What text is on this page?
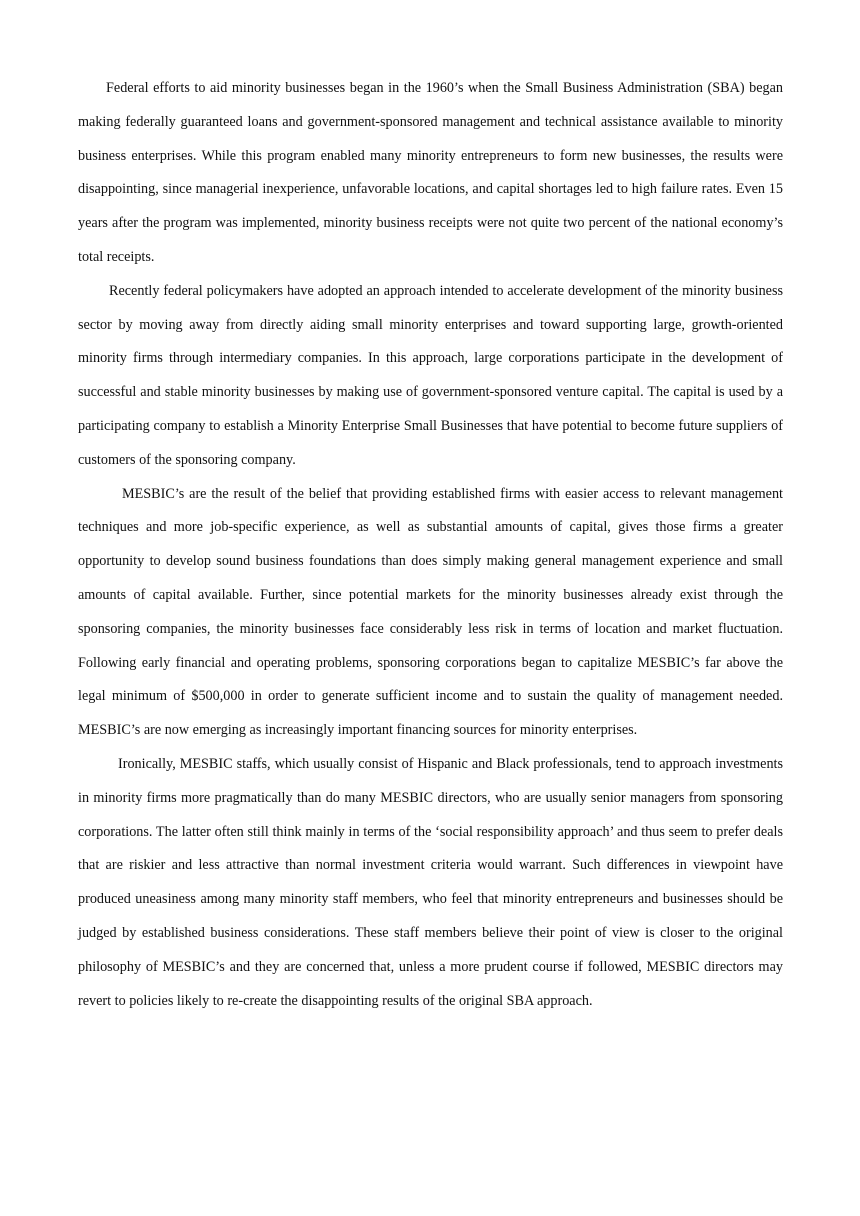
Federal efforts to aid minority businesses began in the 1960’s when the Small Business Administration (SBA) began making federally guaranteed loans and government-sponsored management and technical assistance available to minority business enterprises. While this program enabled many minority entrepreneurs to form new businesses, the results were disappointing, since managerial inexperience, unfavorable locations, and capital shortages led to high failure rates. Even 15 years after the program was implemented, minority business receipts were not quite two percent of the national economy’s total receipts.

Recently federal policymakers have adopted an approach intended to accelerate development of the minority business sector by moving away from directly aiding small minority enterprises and toward supporting large, growth-oriented minority firms through intermediary companies. In this approach, large corporations participate in the development of successful and stable minority businesses by making use of government-sponsored venture capital. The capital is used by a participating company to establish a Minority Enterprise Small Businesses that have potential to become future suppliers of customers of the sponsoring company.

MESBIC’s are the result of the belief that providing established firms with easier access to relevant management techniques and more job-specific experience, as well as substantial amounts of capital, gives those firms a greater opportunity to develop sound business foundations than does simply making general management experience and small amounts of capital available. Further, since potential markets for the minority businesses already exist through the sponsoring companies, the minority businesses face considerably less risk in terms of location and market fluctuation. Following early financial and operating problems, sponsoring corporations began to capitalize MESBIC’s far above the legal minimum of $500,000 in order to generate sufficient income and to sustain the quality of management needed. MESBIC’s are now emerging as increasingly important financing sources for minority enterprises.

Ironically, MESBIC staffs, which usually consist of Hispanic and Black professionals, tend to approach investments in minority firms more pragmatically than do many MESBIC directors, who are usually senior managers from sponsoring corporations. The latter often still think mainly in terms of the ‘social responsibility approach’ and thus seem to prefer deals that are riskier and less attractive than normal investment criteria would warrant. Such differences in viewpoint have produced uneasiness among many minority staff members, who feel that minority entrepreneurs and businesses should be judged by established business considerations. These staff members believe their point of view is closer to the original philosophy of MESBIC’s and they are concerned that, unless a more prudent course if followed, MESBIC directors may revert to policies likely to re-create the disappointing results of the original SBA approach.
